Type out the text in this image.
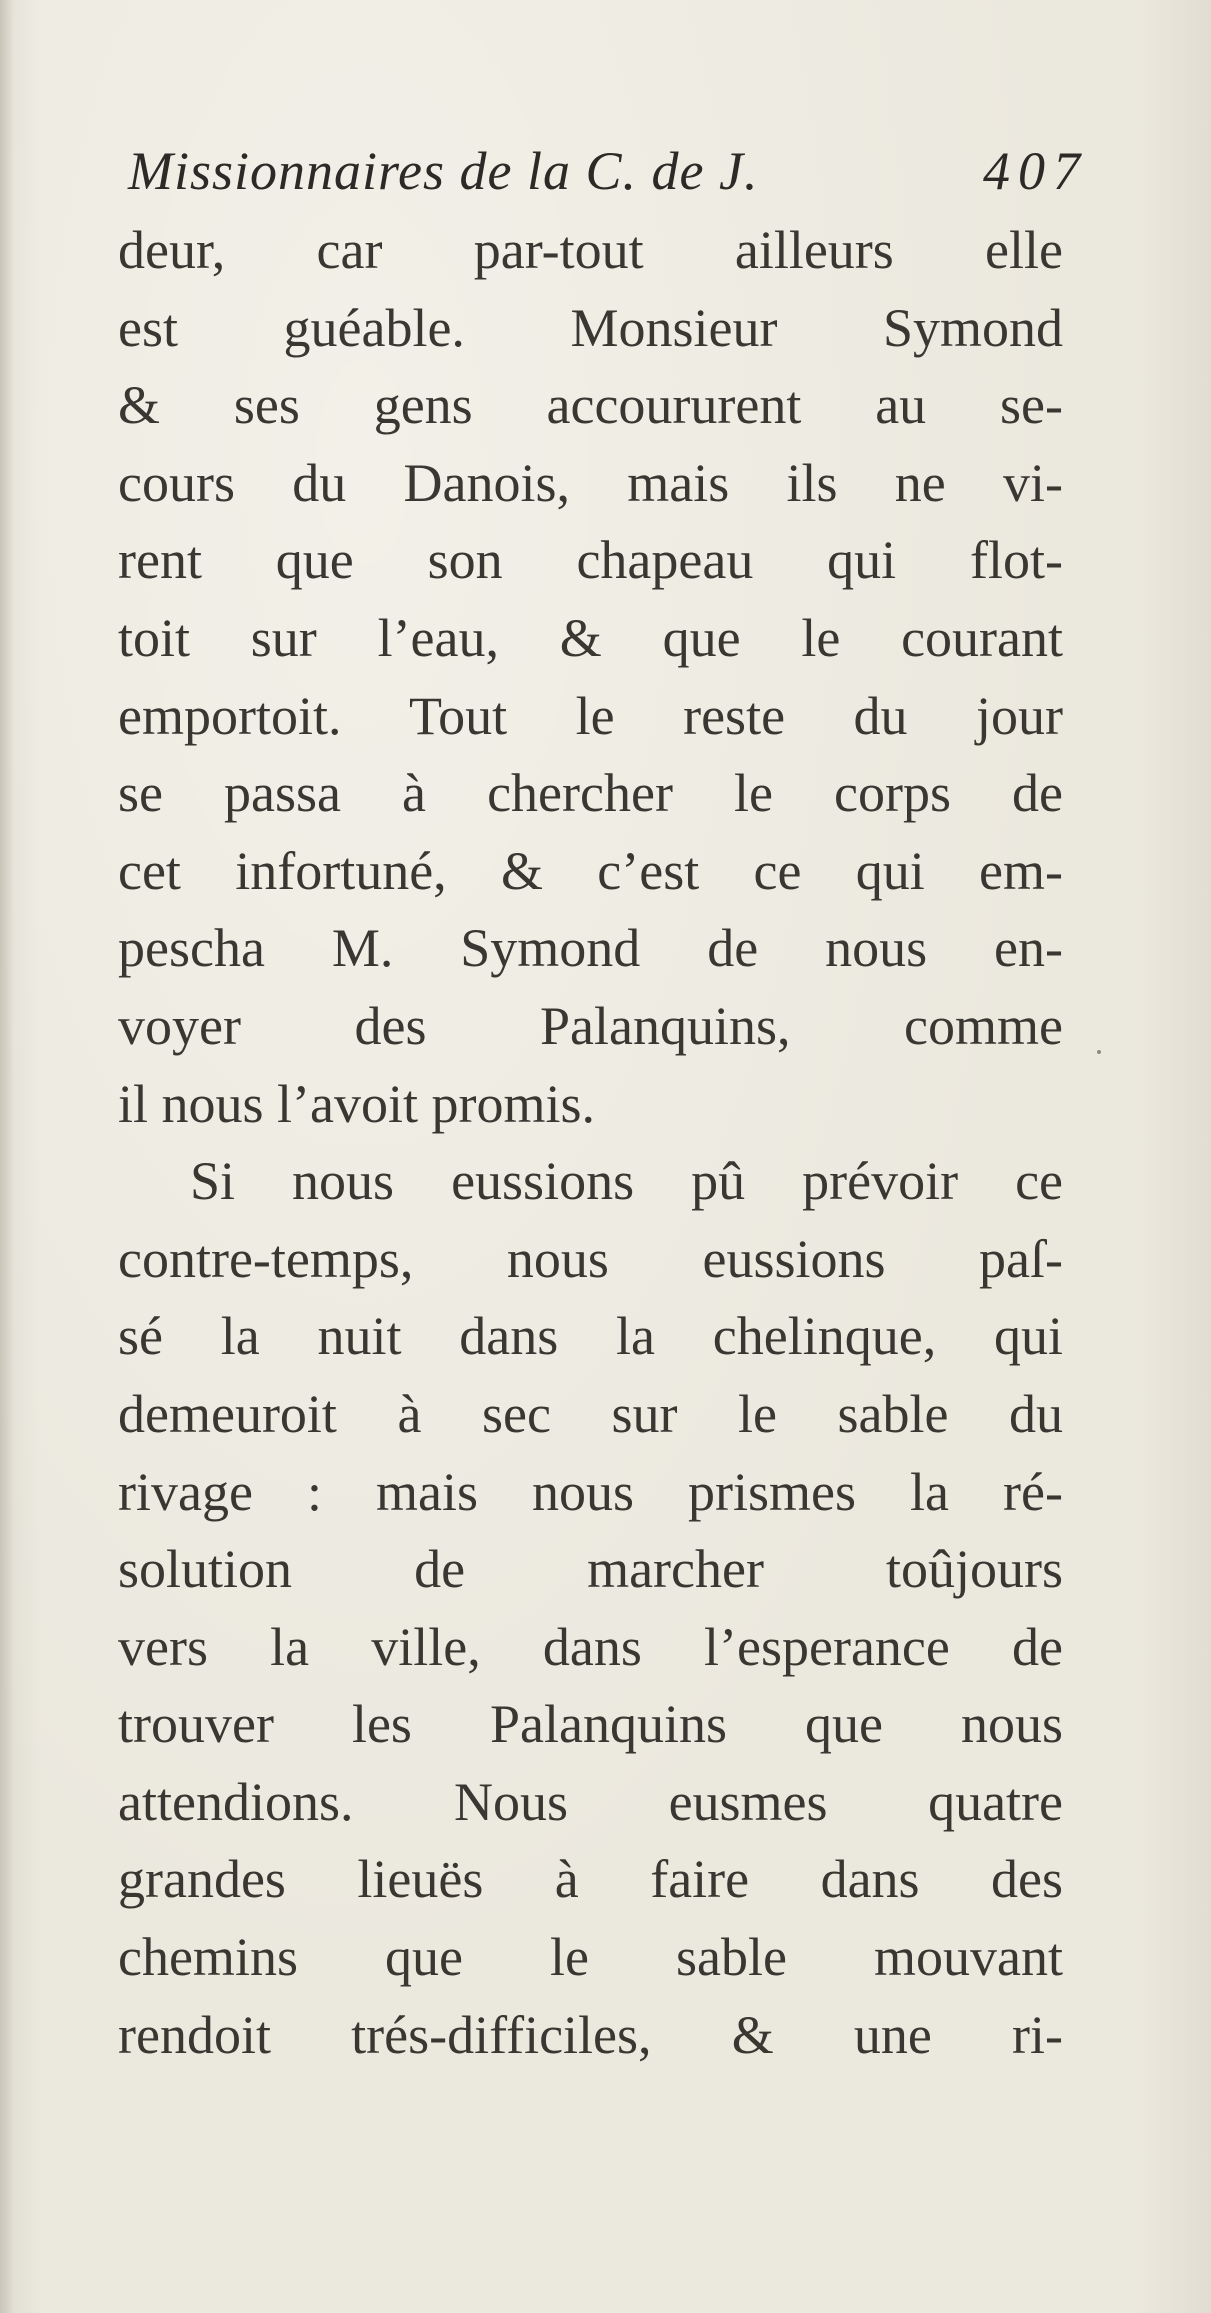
Missionnaires de la C. de J.	407
deur, car par-tout ailleurs elle
est guéable. Monsieur Symond
& ses gens accoururent au se-
cours du Danois, mais ils ne vi-
rent que son chapeau qui flot-
toit sur l’eau, & que le courant
emportoit. Tout le reste du jour
se passa à chercher le corps de
cet infortuné, & c’est ce qui em-
pescha M. Symond de nous en-
voyer des Palanquins, comme
il nous l’avoit promis.
Si nous eussions pû prévoir ce
contre-temps, nous eussions paſ-
sé la nuit dans la chelinque, qui
demeuroit à sec sur le sable du
rivage : mais nous prismes la ré-
solution de marcher toûjours
vers la ville, dans l’esperance de
trouver les Palanquins que nous
attendions. Nous eusmes quatre
grandes lieuës à faire dans des
chemins que le sable mouvant
rendoit trés-difficiles, & une ri-
